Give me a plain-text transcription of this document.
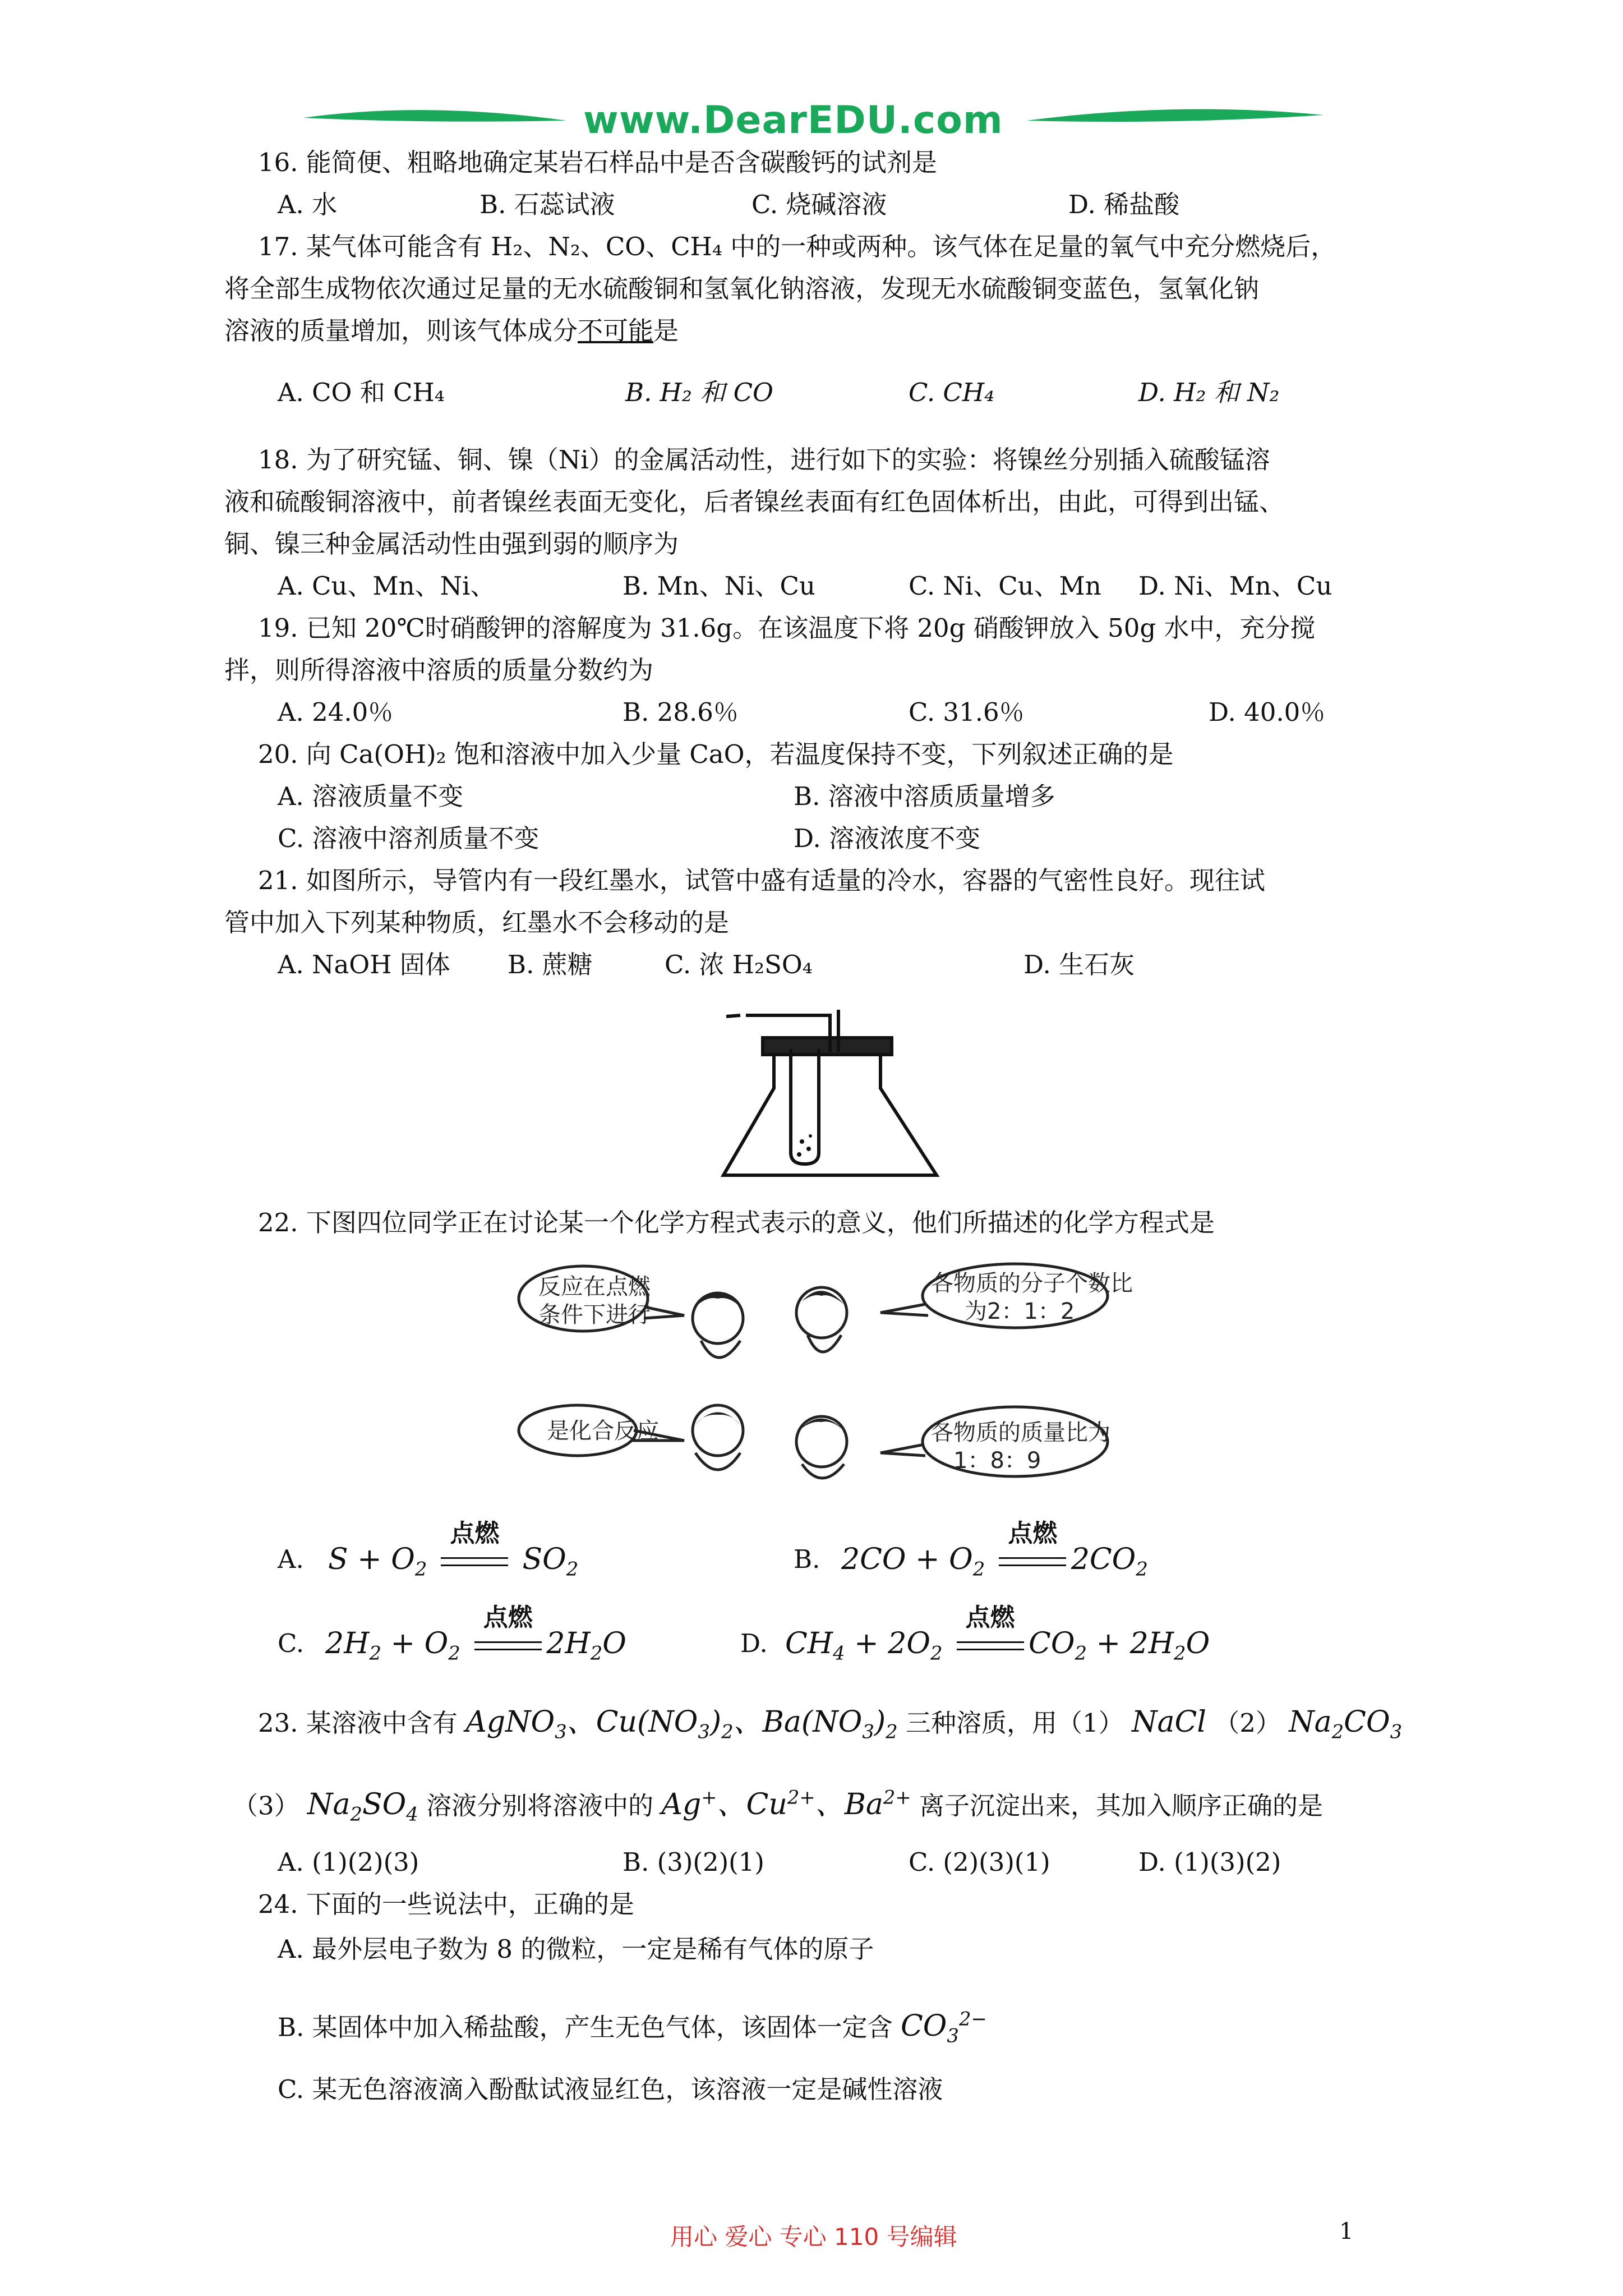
www.DearEDU.com
16. 能简便、粗略地确定某岩石样品中是否含碳酸钙的试剂是
A. 水	B. 石蕊试液	C. 烧碱溶液	D. 稀盐酸
17. 某气体可能含有 H₂、N₂、CO、CH₄ 中的一种或两种。该气体在足量的氧气中充分燃烧后，
将全部生成物依次通过足量的无水硫酸铜和氢氧化钠溶液，发现无水硫酸铜变蓝色，氢氧化钠
溶液的质量增加，则该气体成分不可能是
A. CO 和 CH₄	B. H₂ 和 CO	C. CH₄	D. H₂ 和 N₂
18. 为了研究锰、铜、镍（Ni）的金属活动性，进行如下的实验：将镍丝分别插入硫酸锰溶
液和硫酸铜溶液中，前者镍丝表面无变化，后者镍丝表面有红色固体析出，由此，可得到出锰、
铜、镍三种金属活动性由强到弱的顺序为
A. Cu、Mn、Ni、	B. Mn、Ni、Cu	C. Ni、Cu、Mn D. Ni、Mn、Cu
19. 已知 20℃时硝酸钾的溶解度为 31.6g。在该温度下将 20g 硝酸钾放入 50g 水中，充分搅
拌，则所得溶液中溶质的质量分数约为
A. 24.0％	B. 28.6％	C. 31.6％	D. 40.0％
20. 向 Ca(OH)₂ 饱和溶液中加入少量 CaO，若温度保持不变，下列叙述正确的是
A. 溶液质量不变	B. 溶液中溶质质量增多
C. 溶液中溶剂质量不变	D. 溶液浓度不变
21. 如图所示，导管内有一段红墨水，试管中盛有适量的冷水，容器的气密性良好。现往试
管中加入下列某种物质，红墨水不会移动的是
A. NaOH 固体 B. 蔗糖	C. 浓 H₂SO₄	D. 生石灰
22. 下图四位同学正在讨论某一个化学方程式表示的意义，他们所描述的化学方程式是
反应在点燃
条件下进行
各物质的分子个数比
为2：1：2
是化合反应	各物质的质量比为
1：8：9
A. $S + O_2$
点燃
$SO_2$	B. $2CO + O_2$
点燃
$2CO_2$
C. $2H_2 + O_2$
点燃
$2H_2O$	D. $CH_4 + 2O_2$
点燃
$CO_2 + 2H_2O$
23. 某溶液中含有 AgNO$_3$、$Cu(NO_3)_2$、$Ba(NO_3)_2$ 三种溶质，用（1） NaCl （2） $Na_2CO_3$
（3） $Na_2SO_4$ 溶液分别将溶液中的 Ag+、$Cu^{2+}$、$Ba^{2+}$ 离子沉淀出来，其加入顺序正确的是
A. (1)(2)(3)	B. (3)(2)(1)	C. (2)(3)(1)	D. (1)(3)(2)
24. 下面的一些说法中，正确的是
A. 最外层电子数为 8 的微粒，一定是稀有气体的原子
B. 某固体中加入稀盐酸，产生无色气体，该固体一定含 $CO_3^{2-}$
C. 某无色溶液滴入酚酞试液显红色，该溶液一定是碱性溶液
用心 爱心 专心 110 号编辑	1
